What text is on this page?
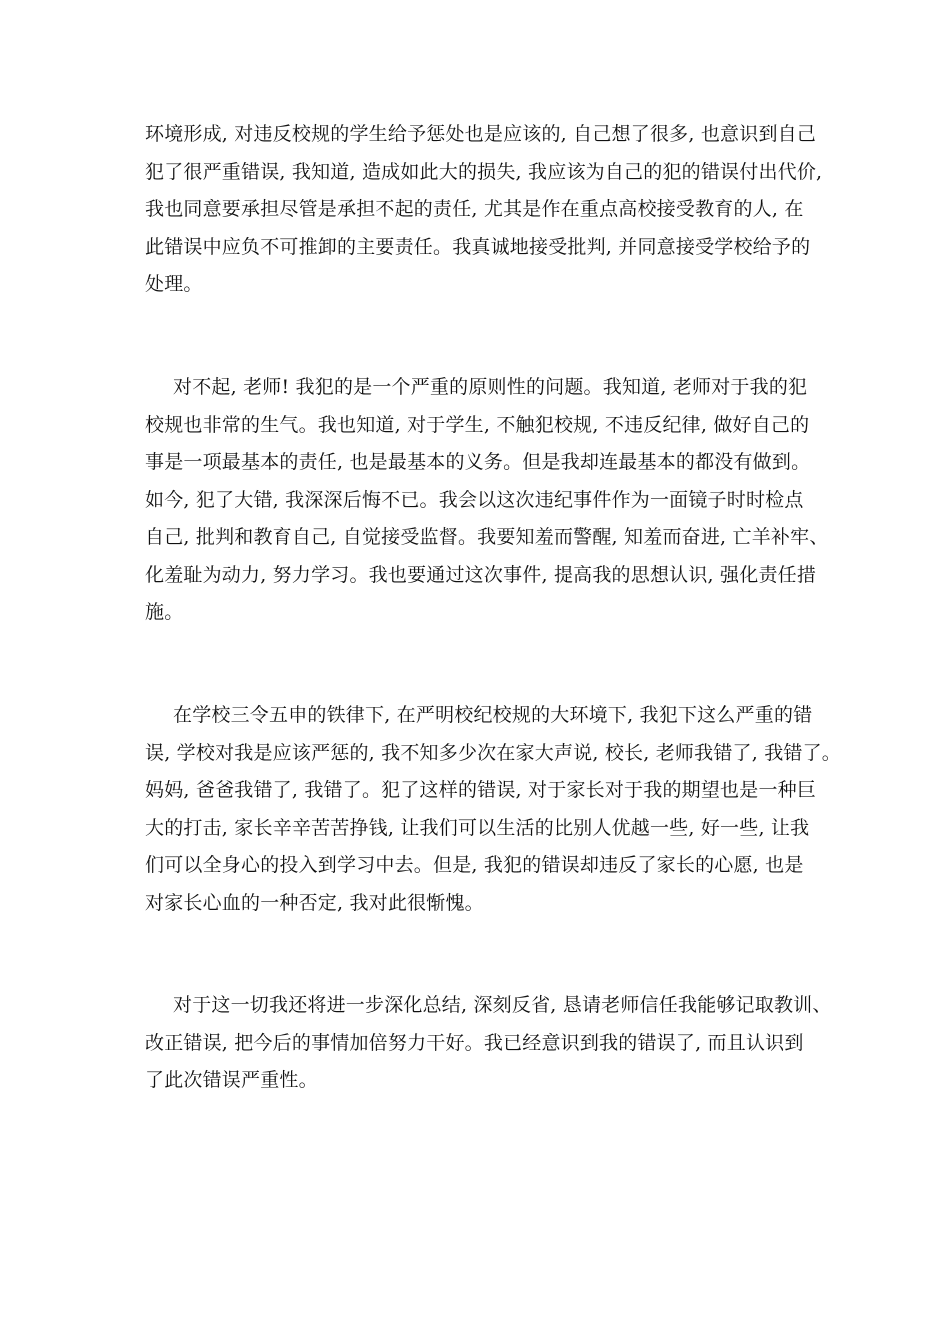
环境形成, 对违反校规的学生给予惩处也是应该的, 自己想了很多, 也意识到自己
犯了很严重错误, 我知道, 造成如此大的损失, 我应该为自己的犯的错误付出代价,
我也同意要承担尽管是承担不起的责任, 尤其是作在重点高校接受教育的人, 在
此错误中应负不可推卸的主要责任。我真诚地接受批判, 并同意接受学校给予的
处理。
对不起, 老师! 我犯的是一个严重的原则性的问题。我知道, 老师对于我的犯
校规也非常的生气。我也知道, 对于学生, 不触犯校规, 不违反纪律, 做好自己的
事是一项最基本的责任, 也是最基本的义务。但是我却连最基本的都没有做到。
如今, 犯了大错, 我深深后悔不已。我会以这次违纪事件作为一面镜子时时检点
自己, 批判和教育自己, 自觉接受监督。我要知羞而警醒, 知羞而奋进, 亡羊补牢、
化羞耻为动力, 努力学习。我也要通过这次事件, 提高我的思想认识, 强化责任措
施。
在学校三令五申的铁律下, 在严明校纪校规的大环境下, 我犯下这么严重的错
误, 学校对我是应该严惩的, 我不知多少次在家大声说, 校长, 老师我错了, 我错了。
妈妈, 爸爸我错了, 我错了。犯了这样的错误, 对于家长对于我的期望也是一种巨
大的打击, 家长辛辛苦苦挣钱, 让我们可以生活的比别人优越一些, 好一些, 让我
们可以全身心的投入到学习中去。但是, 我犯的错误却违反了家长的心愿, 也是
对家长心血的一种否定, 我对此很惭愧。
对于这一切我还将进一步深化总结, 深刻反省, 恳请老师信任我能够记取教训、
改正错误, 把今后的事情加倍努力干好。我已经意识到我的错误了, 而且认识到
了此次错误严重性。
